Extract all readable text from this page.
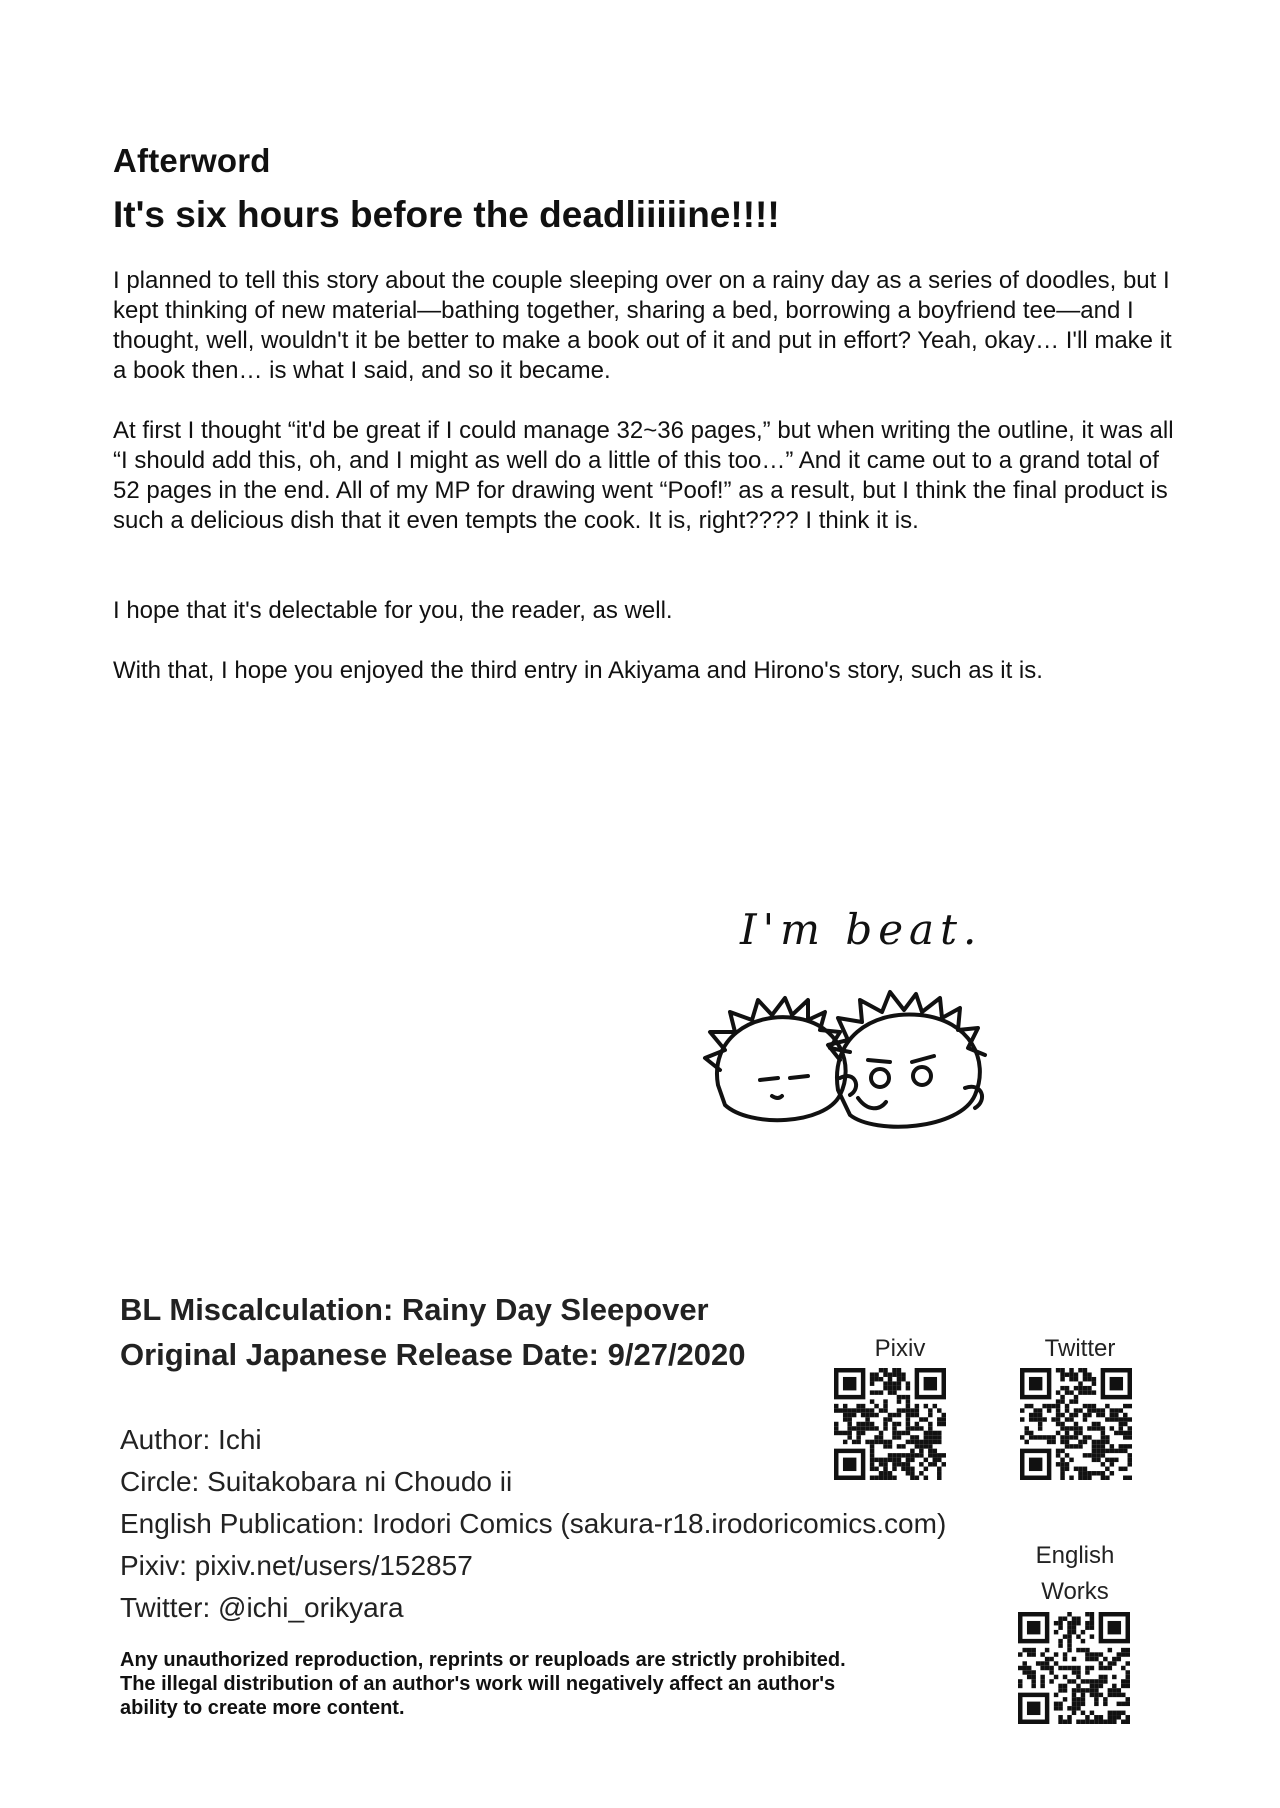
Afterword
It's six hours before the deadliiiiine!!!!

I planned to tell this story about the couple sleeping over on a rainy day as a series of doodles, but I kept thinking of new material—bathing together, sharing a bed, borrowing a boyfriend tee—and I thought, well, wouldn't it be better to make a book out of it and put in effort? Yeah, okay… I'll make it a book then… is what I said, and so it became.

At first I thought “it'd be great if I could manage 32~36 pages,” but when writing the outline, it was all “I should add this, oh, and I might as well do a little of this too…” And it came out to a grand total of 52 pages in the end. All of my MP for drawing went “Poof!” as a result, but I think the final product is such a delicious dish that it even tempts the cook. It is, right???? I think it is.

I hope that it's delectable for you, the reader, as well.

With that, I hope you enjoyed the third entry in Akiyama and Hirono's story, such as it is.

I'm beat.
BL Miscalculation: Rainy Day Sleepover
Original Japanese Release Date: 9/27/2020

Author: Ichi

Circle: Suitakobara ni Choudo ii

English Publication: Irodori Comics (sakura-r18.irodoricomics.com)

Pixiv: pixiv.net/users/152857

Twitter: @ichi_orikyara

Any unauthorized reproduction, reprints or reuploads are strictly prohibited.
The illegal distribution of an author's work will negatively affect an author's
ability to create more content.

Pixiv	Twitter
English
Works
